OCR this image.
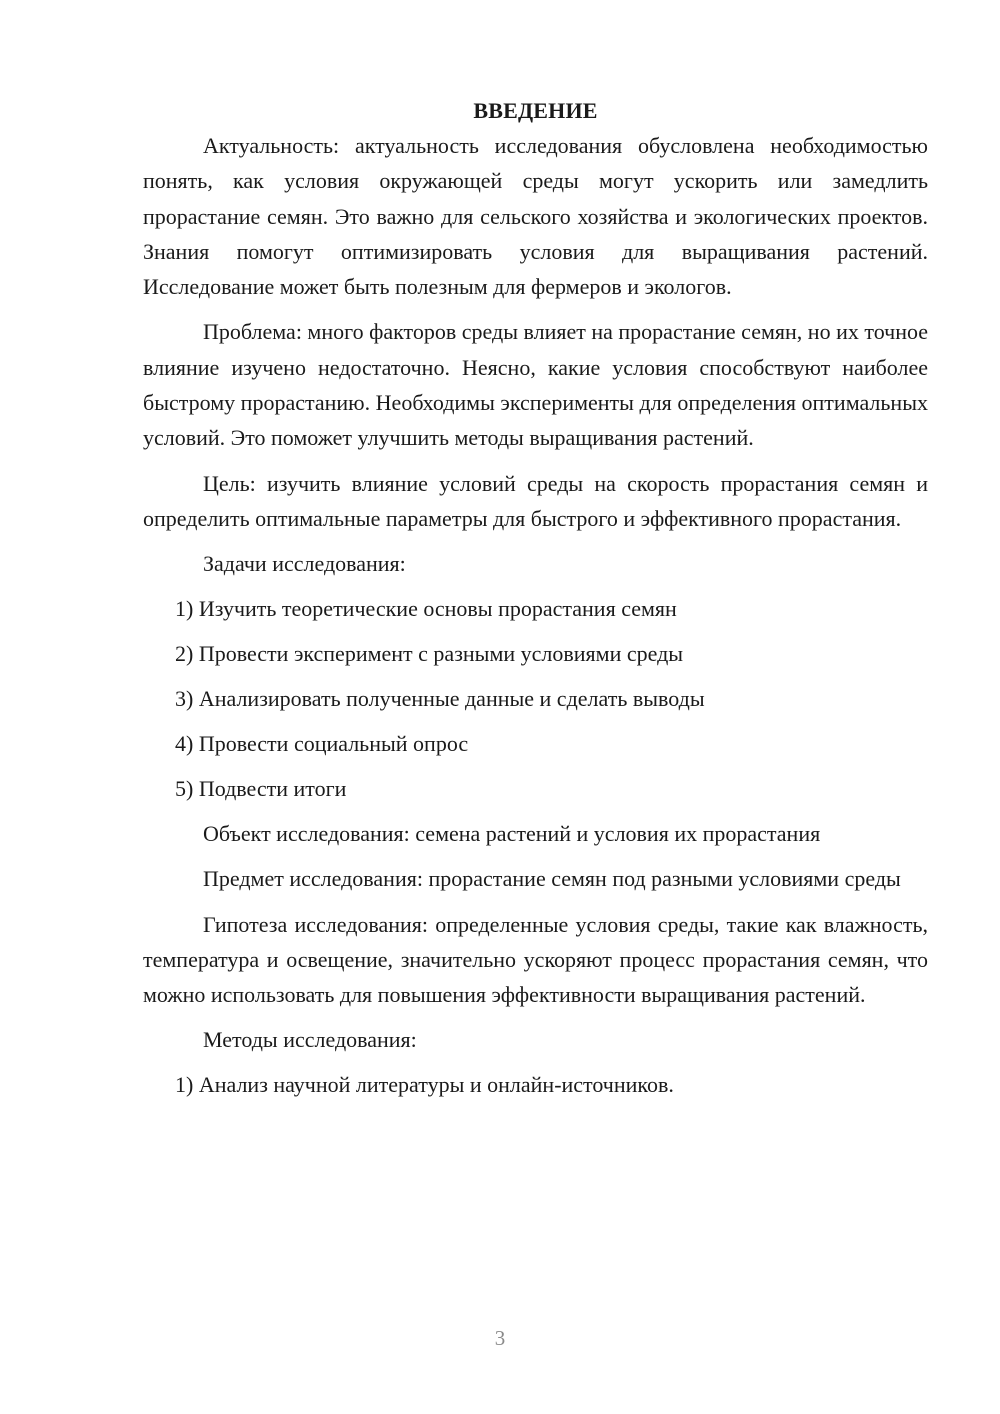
ВВЕДЕНИЕ

Актуальность: актуальность исследования обусловлена необходимостью понять, как условия окружающей среды могут ускорить или замедлить прорастание семян. Это важно для сельского хозяйства и экологических проектов. Знания помогут оптимизировать условия для выращивания растений. Исследование может быть полезным для фермеров и экологов.

Проблема: много факторов среды влияет на прорастание семян, но их точное влияние изучено недостаточно. Неясно, какие условия способствуют наиболее быстрому прорастанию. Необходимы эксперименты для определения оптимальных условий. Это поможет улучшить методы выращивания растений.

Цель: изучить влияние условий среды на скорость прорастания семян и определить оптимальные параметры для быстрого и эффективного прорастания.

Задачи исследования:
1) Изучить теоретические основы прорастания семян
2) Провести эксперимент с разными условиями среды
3) Анализировать полученные данные и сделать выводы
4) Провести социальный опрос
5) Подвести итоги
Объект исследования: семена растений и условия их прорастания

Предмет исследования: прорастание семян под разными условиями среды

Гипотеза исследования: определенные условия среды, такие как влажность, температура и освещение, значительно ускоряют процесс прорастания семян, что можно использовать для повышения эффективности выращивания растений.

Методы исследования:
1) Анализ научной литературы и онлайн-источников.
3
